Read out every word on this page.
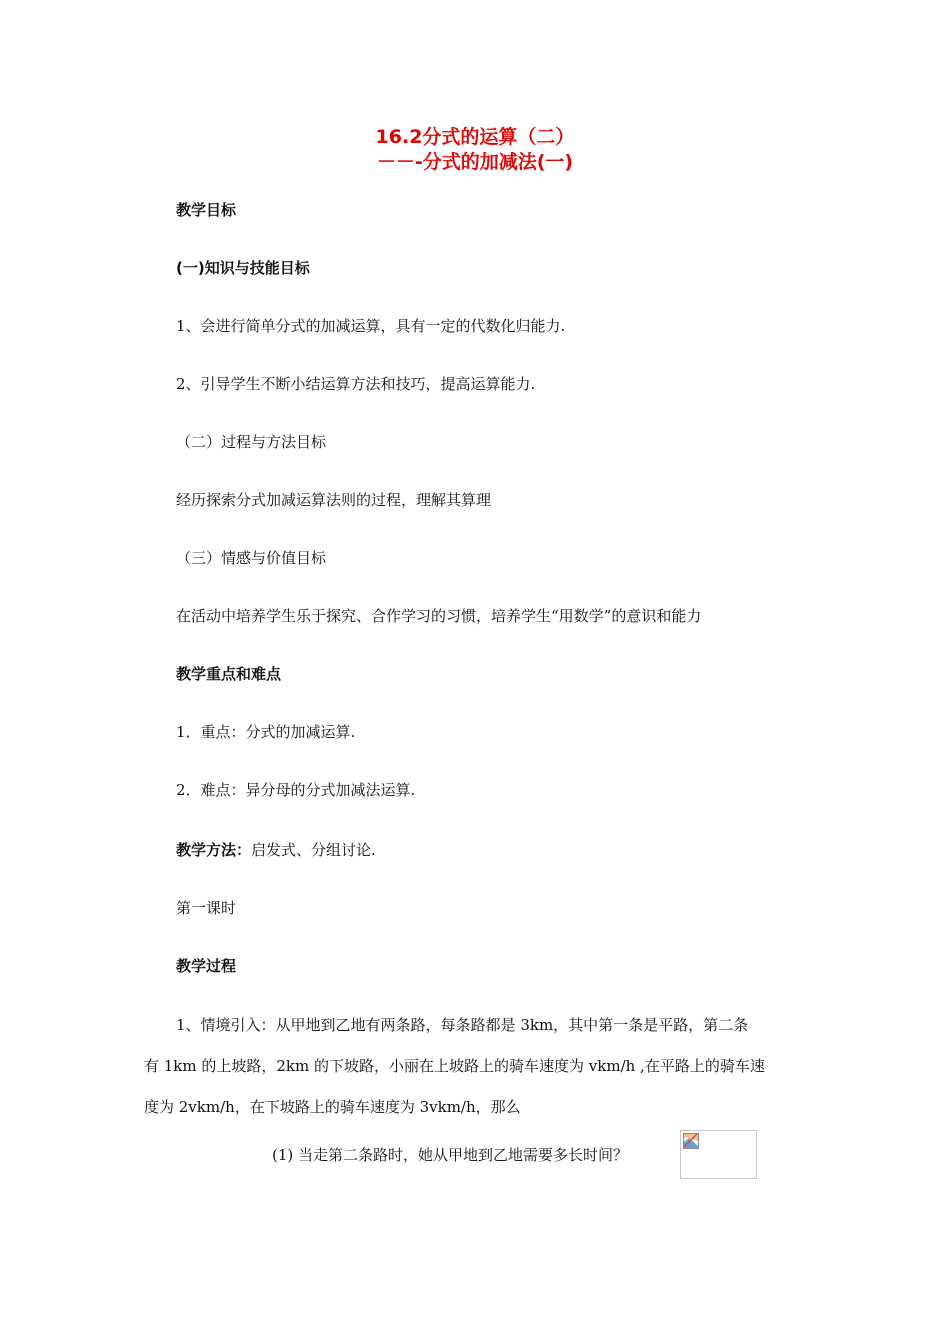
16.2分式的运算（二）
－－-分式的加减法(一)
教学目标
(一)知识与技能目标
1、会进行简单分式的加减运算，具有一定的代数化归能力.
2、引导学生不断小结运算方法和技巧，提高运算能力.
（二）过程与方法目标
经历探索分式加减运算法则的过程，理解其算理
（三）情感与价值目标
在活动中培养学生乐于探究、合作学习的习惯，培养学生“用数学”的意识和能力
教学重点和难点
1．重点：分式的加减运算.
2．难点：异分母的分式加减法运算.
教学方法：启发式、分组讨论.
第一课时
教学过程
1、情境引入：从甲地到乙地有两条路，每条路都是 3km，其中第一条是平路，第二条
有 1km 的上坡路，2km 的下坡路，小丽在上坡路上的骑车速度为 vkm/h ,在平路上的骑车速
度为 2vkm/h，在下坡路上的骑车速度为 3vkm/h，那么
(1) 当走第二条路时，她从甲地到乙地需要多长时间？
